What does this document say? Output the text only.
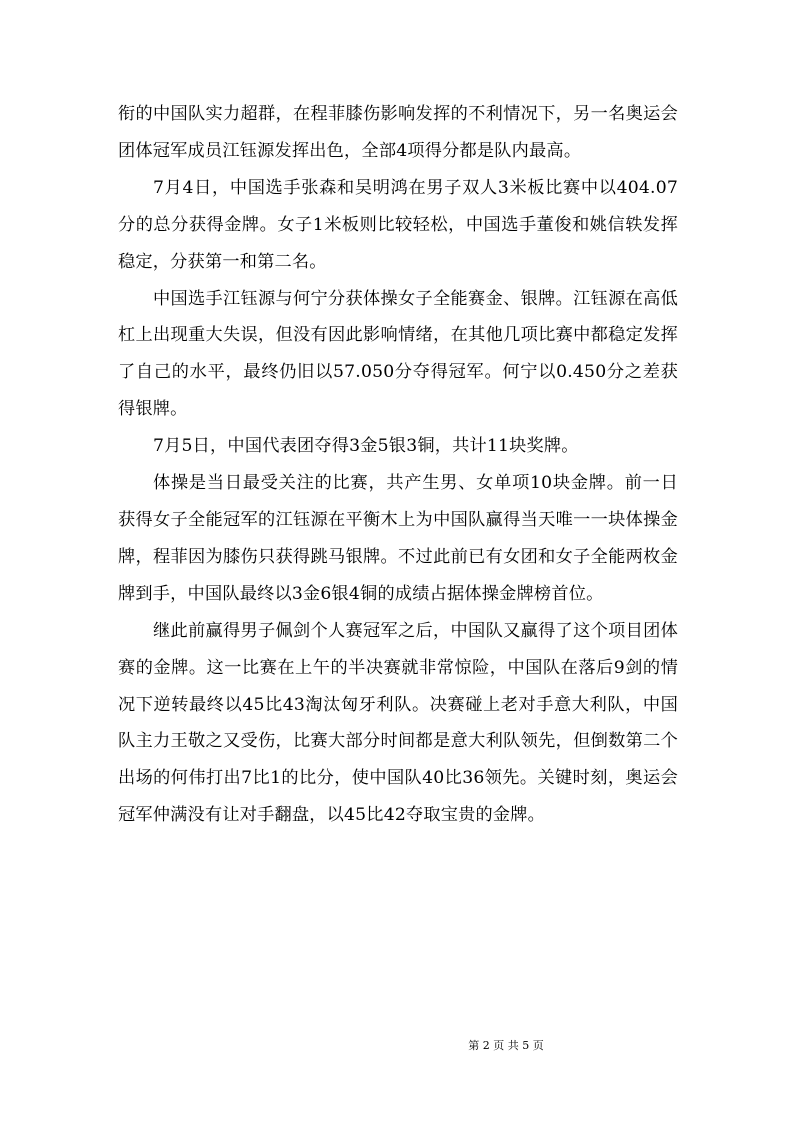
衔的中国队实力超群，在程菲膝伤影响发挥的不利情况下，另一名奥运会团体冠军成员江钰源发挥出色，全部4项得分都是队内最高。

7月4日，中国选手张森和吴明鸿在男子双人3米板比赛中以404.07分的总分获得金牌。女子1米板则比较轻松，中国选手董俊和姚信轶发挥稳定，分获第一和第二名。

中国选手江钰源与何宁分获体操女子全能赛金、银牌。江钰源在高低杠上出现重大失误，但没有因此影响情绪，在其他几项比赛中都稳定发挥了自己的水平，最终仍旧以57.050分夺得冠军。何宁以0.450分之差获得银牌。

7月5日，中国代表团夺得3金5银3铜，共计11块奖牌。

体操是当日最受关注的比赛，共产生男、女单项10块金牌。前一日获得女子全能冠军的江钰源在平衡木上为中国队赢得当天唯一一块体操金牌，程菲因为膝伤只获得跳马银牌。不过此前已有女团和女子全能两枚金牌到手，中国队最终以3金6银4铜的成绩占据体操金牌榜首位。

继此前赢得男子佩剑个人赛冠军之后，中国队又赢得了这个项目团体赛的金牌。这一比赛在上午的半决赛就非常惊险，中国队在落后9剑的情况下逆转最终以45比43淘汰匈牙利队。决赛碰上老对手意大利队，中国队主力王敬之又受伤，比赛大部分时间都是意大利队领先，但倒数第二个出场的何伟打出7比1的比分，使中国队40比36领先。关键时刻，奥运会冠军仲满没有让对手翻盘，以45比42夺取宝贵的金牌。

第 2 页 共 5 页
